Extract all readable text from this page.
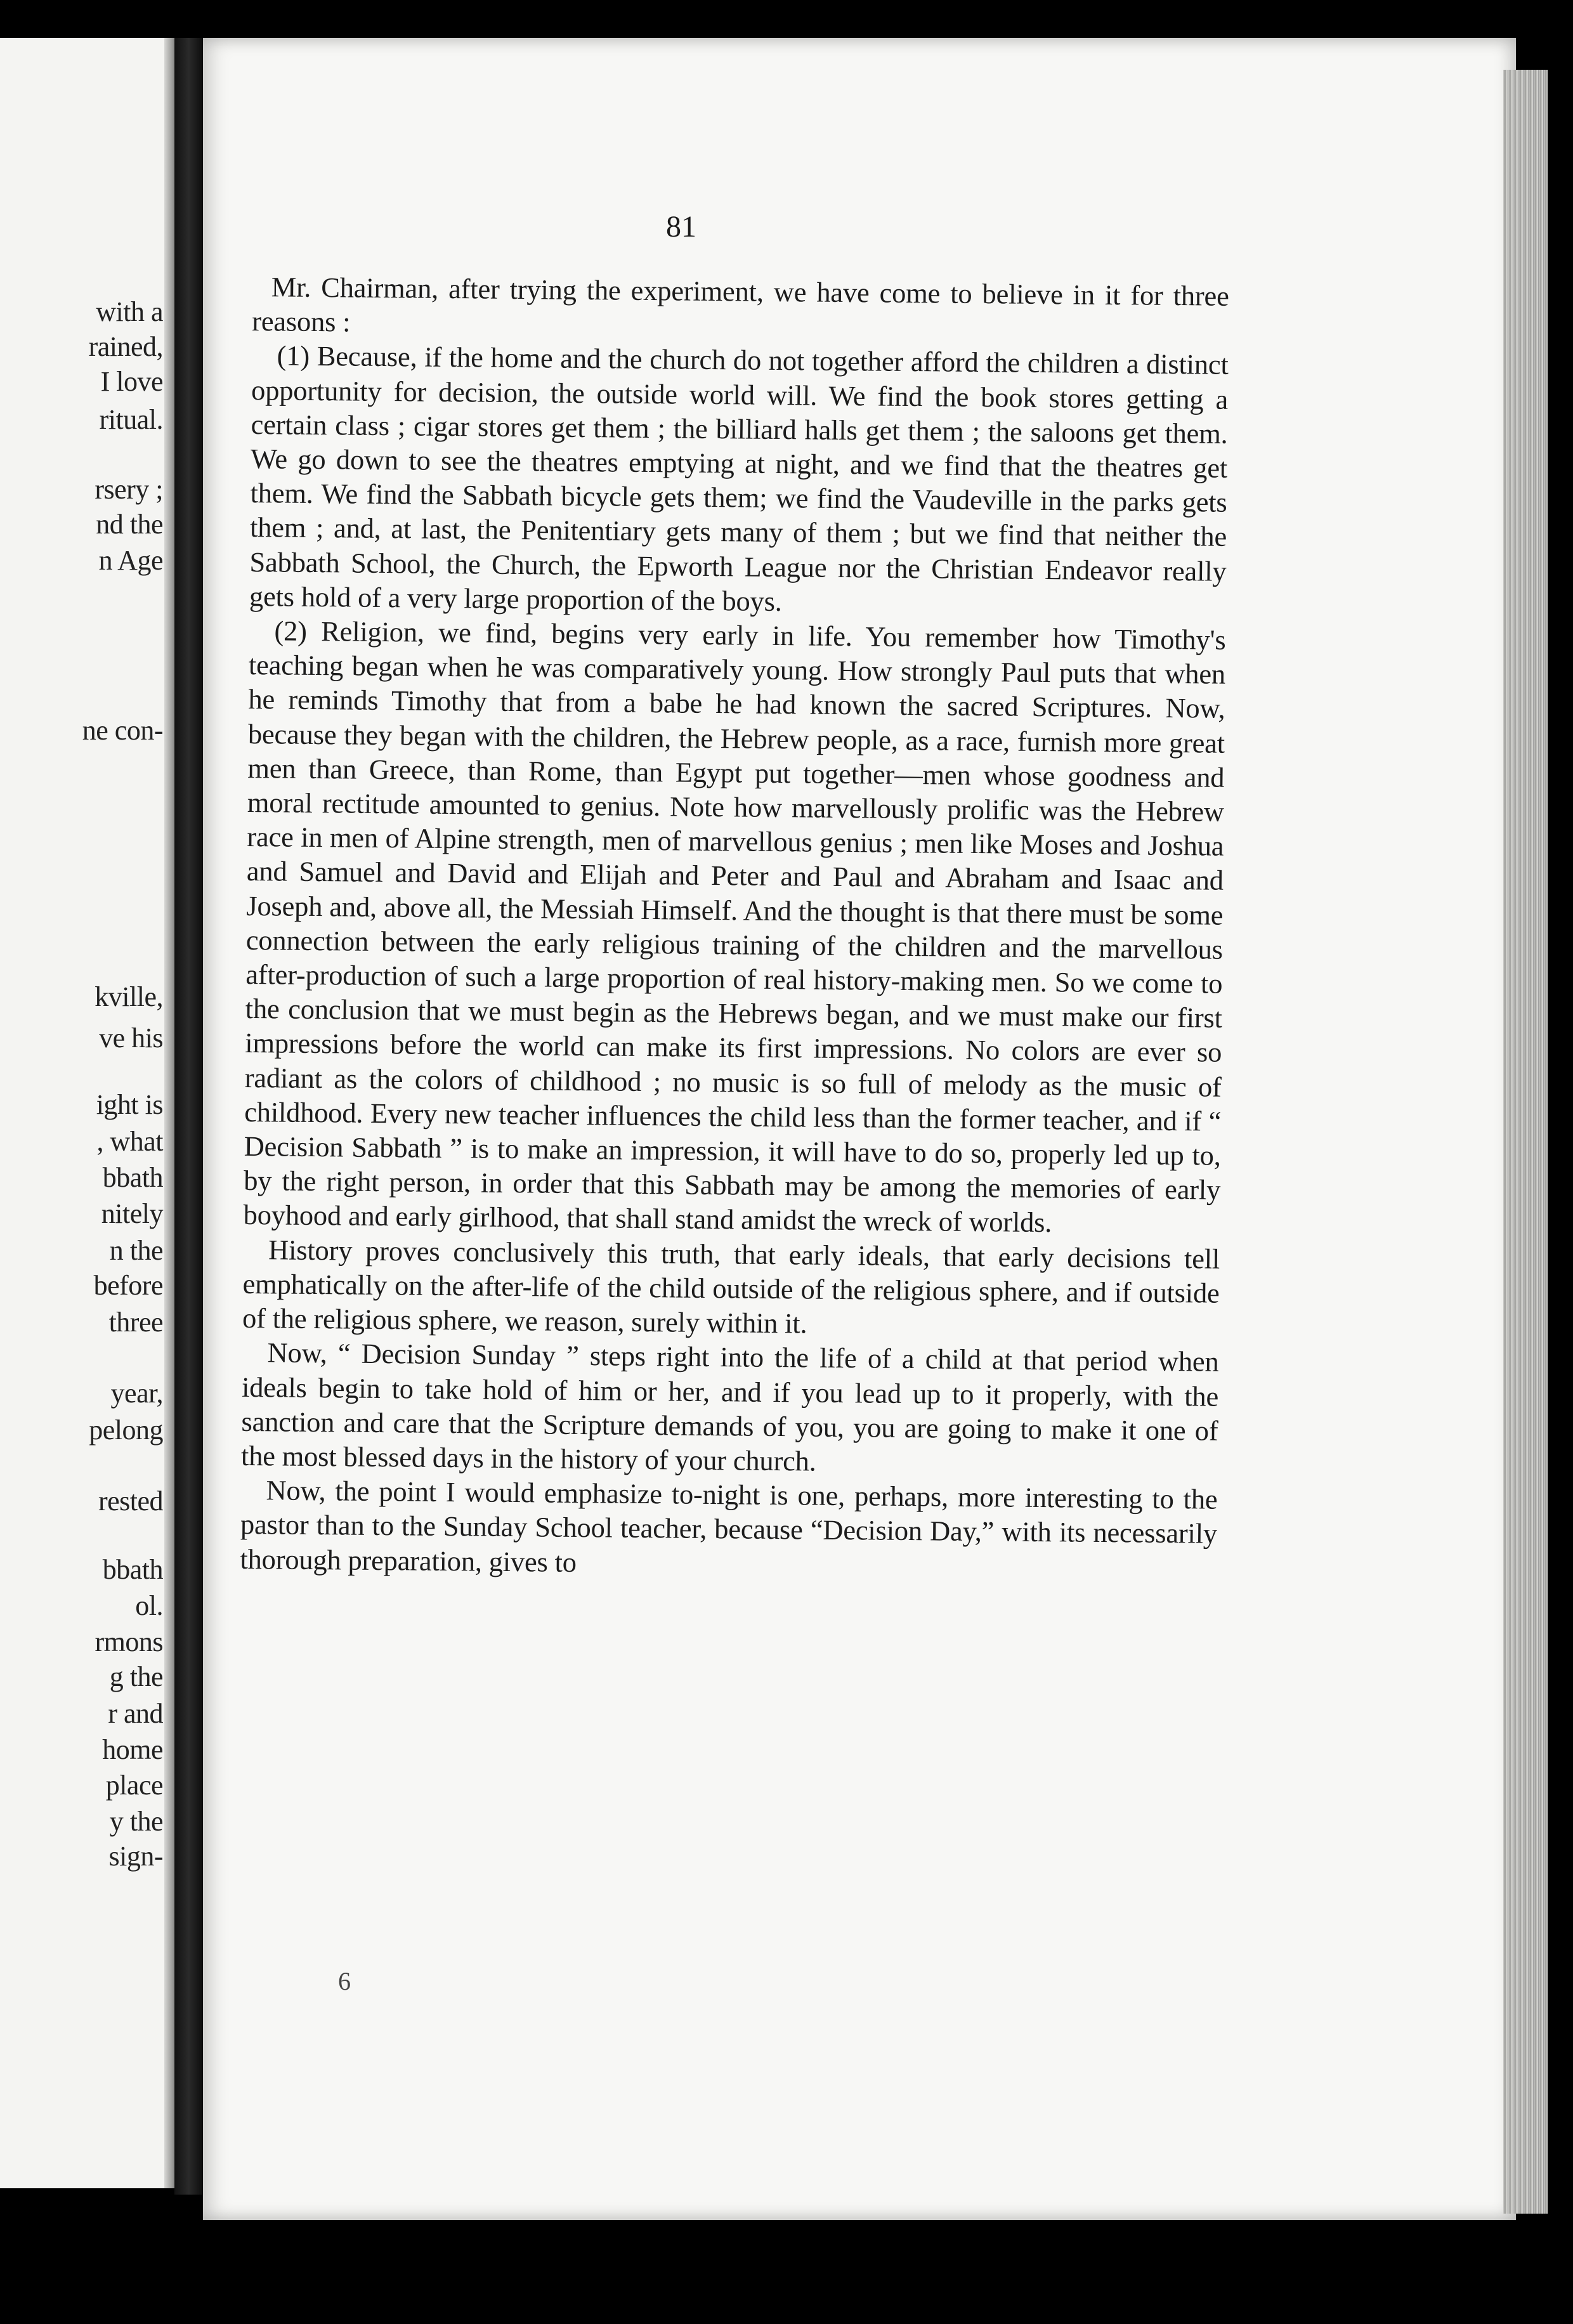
with a
rained,
I love
ritual.
rsery ;
nd the
n Age
ne con-
kville,
ve his
ight is
, what
bbath
nitely
n the
before
three
year,
pelong
rested
bbath
ol.
rmons
g the
r and
home
place
y the
sign-
81

Mr. Chairman, after trying the experiment, we have come to believe in it for three reasons :

(1) Because, if the home and the church do not together afford the children a distinct opportunity for decision, the outside world will. We find the book stores getting a certain class ; cigar stores get them ; the billiard halls get them ; the saloons get them. We go down to see the theatres emptying at night, and we find that the theatres get them. We find the Sabbath bicycle gets them; we find the Vaudeville in the parks gets them ; and, at last, the Penitentiary gets many of them ; but we find that neither the Sabbath School, the Church, the Epworth League nor the Christian Endeavor really gets hold of a very large proportion of the boys.

(2) Religion, we find, begins very early in life. You remember how Timothy's teaching began when he was comparatively young. How strongly Paul puts that when he reminds Timothy that from a babe he had known the sacred Scriptures. Now, because they began with the children, the Hebrew people, as a race, furnish more great men than Greece, than Rome, than Egypt put together—men whose goodness and moral rectitude amounted to genius. Note how marvellously prolific was the Hebrew race in men of Alpine strength, men of marvellous genius ; men like Moses and Joshua and Samuel and David and Elijah and Peter and Paul and Abraham and Isaac and Joseph and, above all, the Messiah Himself. And the thought is that there must be some connection between the early religious training of the children and the marvellous after-production of such a large proportion of real history-making men. So we come to the conclusion that we must begin as the Hebrews began, and we must make our first impressions before the world can make its first impressions. No colors are ever so radiant as the colors of childhood ; no music is so full of melody as the music of childhood. Every new teacher influences the child less than the former teacher, and if “ Decision Sabbath ” is to make an impression, it will have to do so, properly led up to, by the right person, in order that this Sabbath may be among the memories of early boyhood and early girlhood, that shall stand amidst the wreck of worlds.

History proves conclusively this truth, that early ideals, that early decisions tell emphatically on the after-life of the child outside of the religious sphere, and if outside of the religious sphere, we reason, surely within it.

Now, “ Decision Sunday ” steps right into the life of a child at that period when ideals begin to take hold of him or her, and if you lead up to it properly, with the sanction and care that the Scripture demands of you, you are going to make it one of the most blessed days in the history of your church.

Now, the point I would emphasize to-night is one, perhaps, more interesting to the pastor than to the Sunday School teacher, because “Decision Day,” with its necessarily thorough preparation, gives to

6
